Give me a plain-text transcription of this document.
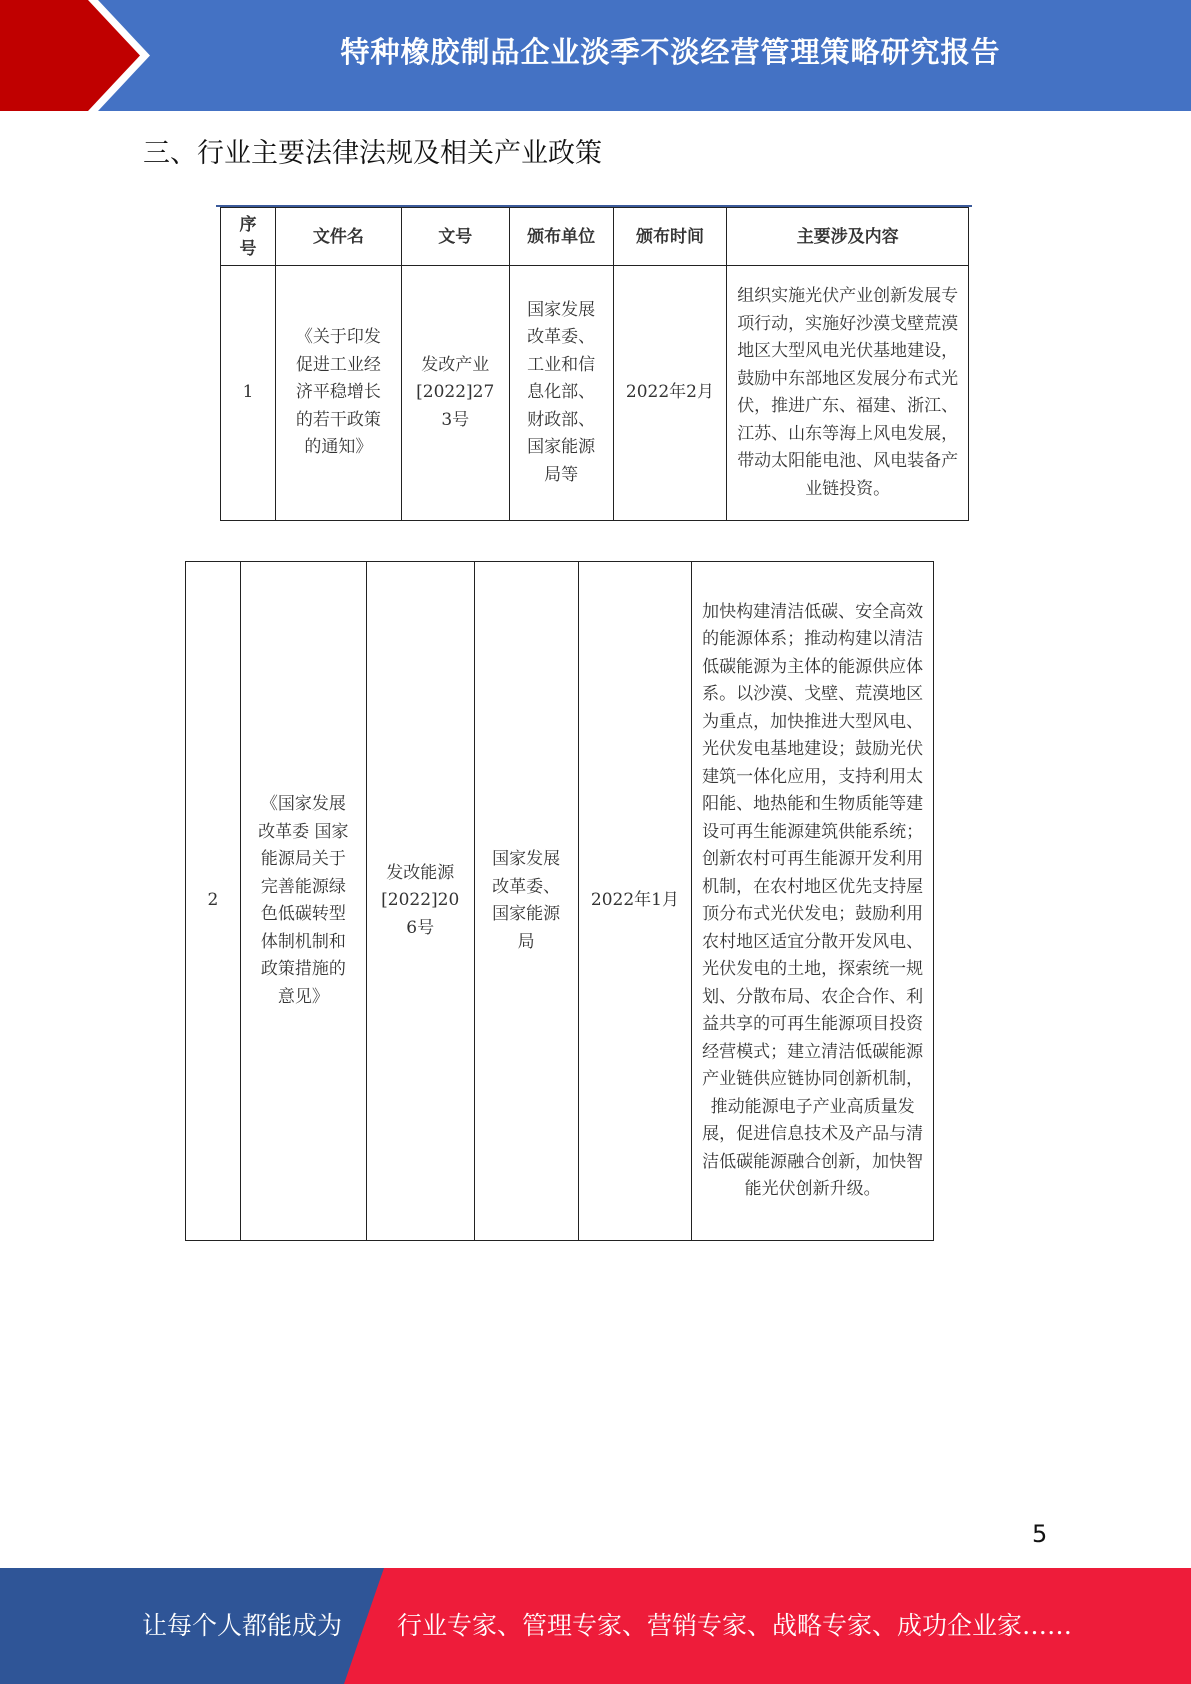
特种橡胶制品企业淡季不淡经营管理策略研究报告
三、行业主要法律法规及相关产业政策
序号	文件名	文号	颁布单位	颁布时间	主要涉及内容
1	《关于印发促进工业经济平稳增长的若干政策的通知》	发改产业[2022]273号	国家发展改革委、工业和信息化部、财政部、国家能源局等	2022年2月	组织实施光伏产业创新发展专项行动，实施好沙漠戈壁荒漠地区大型风电光伏基地建设，鼓励中东部地区发展分布式光伏，推进广东、福建、浙江、江苏、山东等海上风电发展，带动太阳能电池、风电装备产业链投资。
2	《国家发展改革委 国家能源局关于完善能源绿色低碳转型体制机制和政策措施的意见》	发改能源[2022]206号	国家发展改革委、国家能源局	2022年1月	加快构建清洁低碳、安全高效的能源体系；推动构建以清洁低碳能源为主体的能源供应体系。以沙漠、戈壁、荒漠地区为重点，加快推进大型风电、光伏发电基地建设；鼓励光伏建筑一体化应用，支持利用太阳能、地热能和生物质能等建设可再生能源建筑供能系统；创新农村可再生能源开发利用机制，在农村地区优先支持屋顶分布式光伏发电；鼓励利用农村地区适宜分散开发风电、光伏发电的土地，探索统一规划、分散布局、农企合作、利益共享的可再生能源项目投资经营模式；建立清洁低碳能源产业链供应链协同创新机制，推动能源电子产业高质量发展，促进信息技术及产品与清洁低碳能源融合创新，加快智能光伏创新升级。
5
让每个人都能成为 行业专家、管理专家、营销专家、战略专家、成功企业家……
